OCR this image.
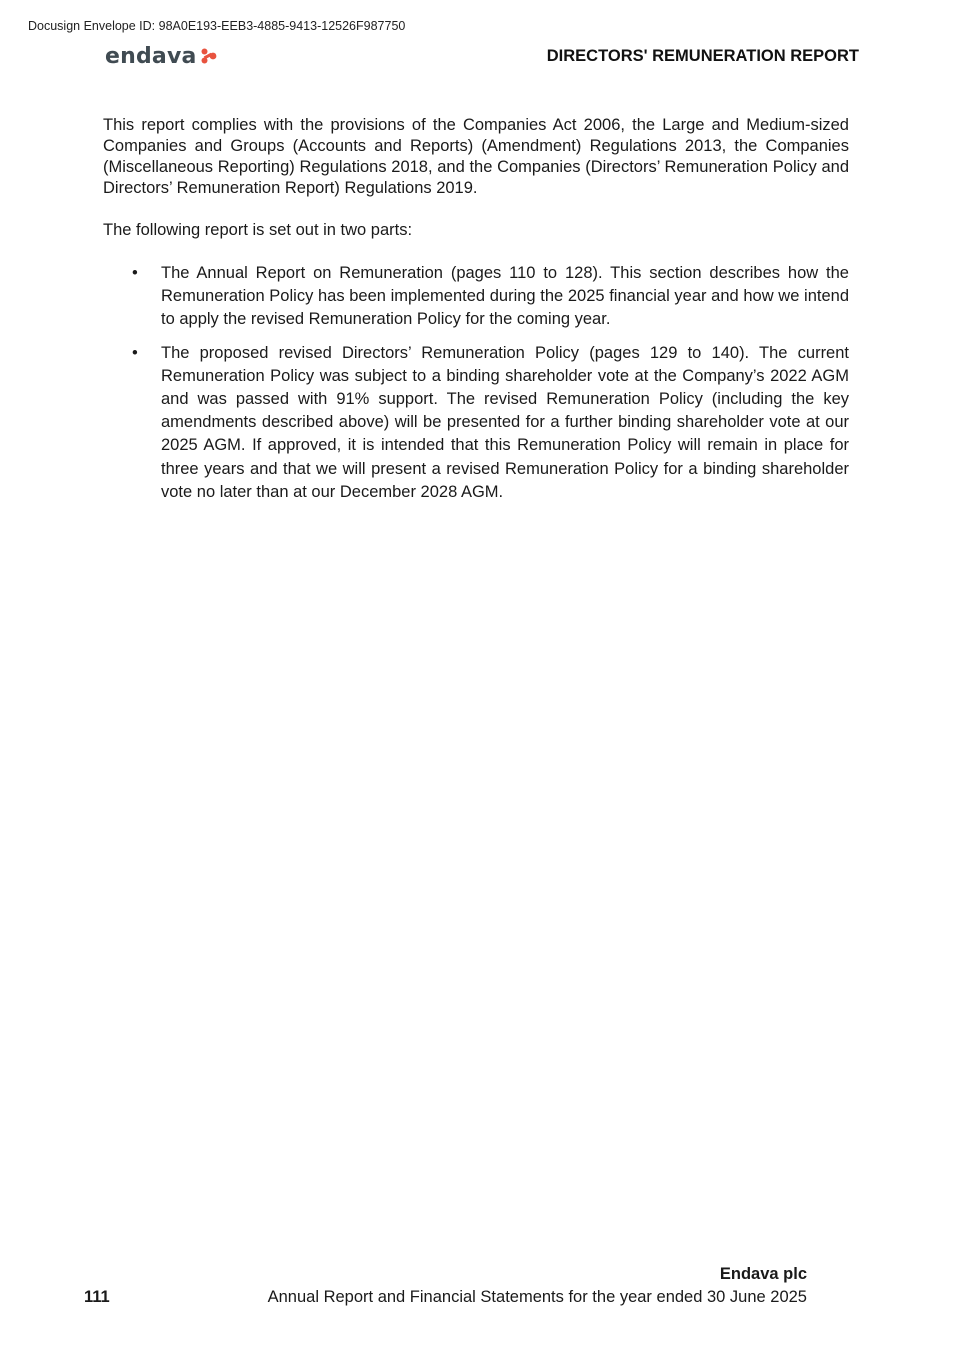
Docusign Envelope ID: 98A0E193-EEB3-4885-9413-12526F987750
endava	DIRECTORS' REMUNERATION REPORT

This report complies with the provisions of the Companies Act 2006, the Large and Medium-sized Companies and Groups (Accounts and Reports) (Amendment) Regulations 2013, the Companies (Miscellaneous Reporting) Regulations 2018, and the Companies (Directors’ Remuneration Policy and Directors’ Remuneration Report) Regulations 2019.

The following report is set out in two parts:

• The Annual Report on Remuneration (pages 110 to 128). This section describes how the Remuneration Policy has been implemented during the 2025 financial year and how we intend to apply the revised Remuneration Policy for the coming year.
• The proposed revised Directors’ Remuneration Policy (pages 129 to 140). The current Remuneration Policy was subject to a binding shareholder vote at the Company’s 2022 AGM and was passed with 91% support. The revised Remuneration Policy (including the key amendments described above) will be presented for a further binding shareholder vote at our 2025 AGM. If approved, it is intended that this Remuneration Policy will remain in place for three years and that we will present a revised Remuneration Policy for a binding shareholder vote no later than at our December 2028 AGM.
Endava plc
111	Annual Report and Financial Statements for the year ended 30 June 2025
